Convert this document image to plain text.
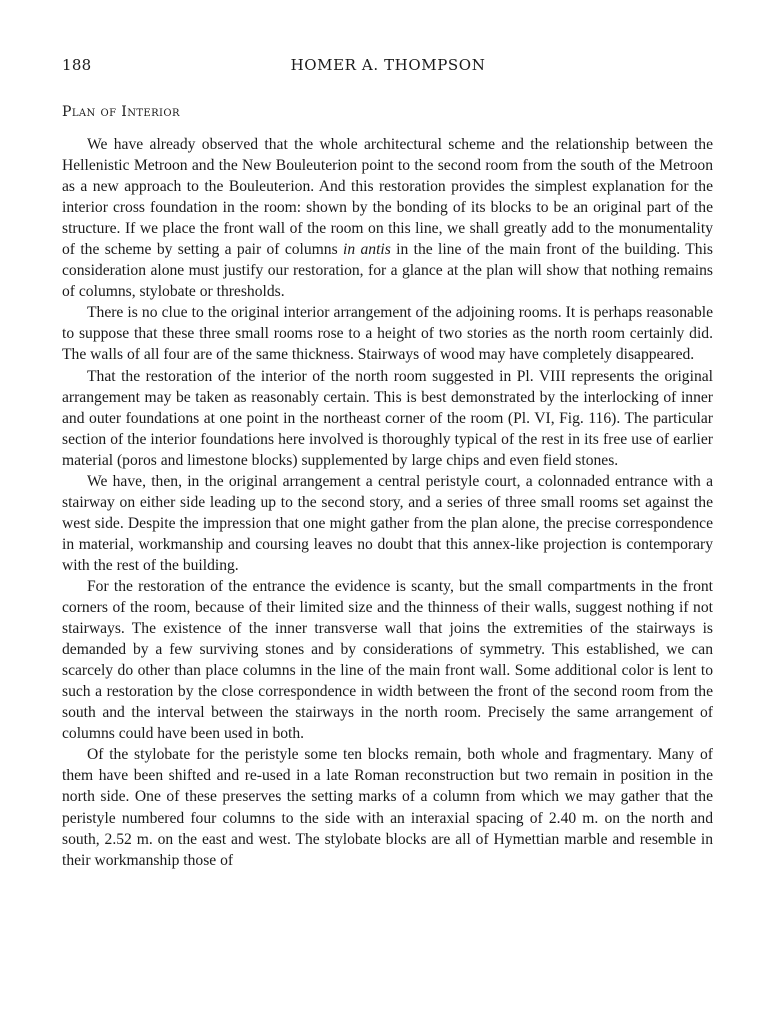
188	HOMER A. THOMPSON
Plan of Interior

We have already observed that the whole architectural scheme and the relationship between the Hellenistic Metroon and the New Bouleuterion point to the second room from the south of the Metroon as a new approach to the Bouleuterion. And this restoration provides the simplest explanation for the interior cross foundation in the room: shown by the bonding of its blocks to be an original part of the structure. If we place the front wall of the room on this line, we shall greatly add to the monumentality of the scheme by setting a pair of columns in antis in the line of the main front of the building. This consideration alone must justify our restoration, for a glance at the plan will show that nothing remains of columns, stylobate or thresholds.

There is no clue to the original interior arrangement of the adjoining rooms. It is perhaps reasonable to suppose that these three small rooms rose to a height of two stories as the north room certainly did. The walls of all four are of the same thickness. Stairways of wood may have completely disappeared.

That the restoration of the interior of the north room suggested in Pl. VIII represents the original arrangement may be taken as reasonably certain. This is best demonstrated by the interlocking of inner and outer foundations at one point in the northeast corner of the room (Pl. VI, Fig. 116). The particular section of the interior foundations here involved is thoroughly typical of the rest in its free use of earlier material (poros and limestone blocks) supplemented by large chips and even field stones.

We have, then, in the original arrangement a central peristyle court, a colonnaded entrance with a stairway on either side leading up to the second story, and a series of three small rooms set against the west side. Despite the impression that one might gather from the plan alone, the precise correspondence in material, workmanship and coursing leaves no doubt that this annex-like projection is contemporary with the rest of the building.

For the restoration of the entrance the evidence is scanty, but the small compartments in the front corners of the room, because of their limited size and the thinness of their walls, suggest nothing if not stairways. The existence of the inner transverse wall that joins the extremities of the stairways is demanded by a few surviving stones and by considerations of symmetry. This established, we can scarcely do other than place columns in the line of the main front wall. Some additional color is lent to such a restoration by the close correspondence in width between the front of the second room from the south and the interval between the stairways in the north room. Precisely the same arrangement of columns could have been used in both.

Of the stylobate for the peristyle some ten blocks remain, both whole and fragmentary. Many of them have been shifted and re-used in a late Roman reconstruction but two remain in position in the north side. One of these preserves the setting marks of a column from which we may gather that the peristyle numbered four columns to the side with an interaxial spacing of 2.40 m. on the north and south, 2.52 m. on the east and west. The stylobate blocks are all of Hymettian marble and resemble in their workmanship those of
